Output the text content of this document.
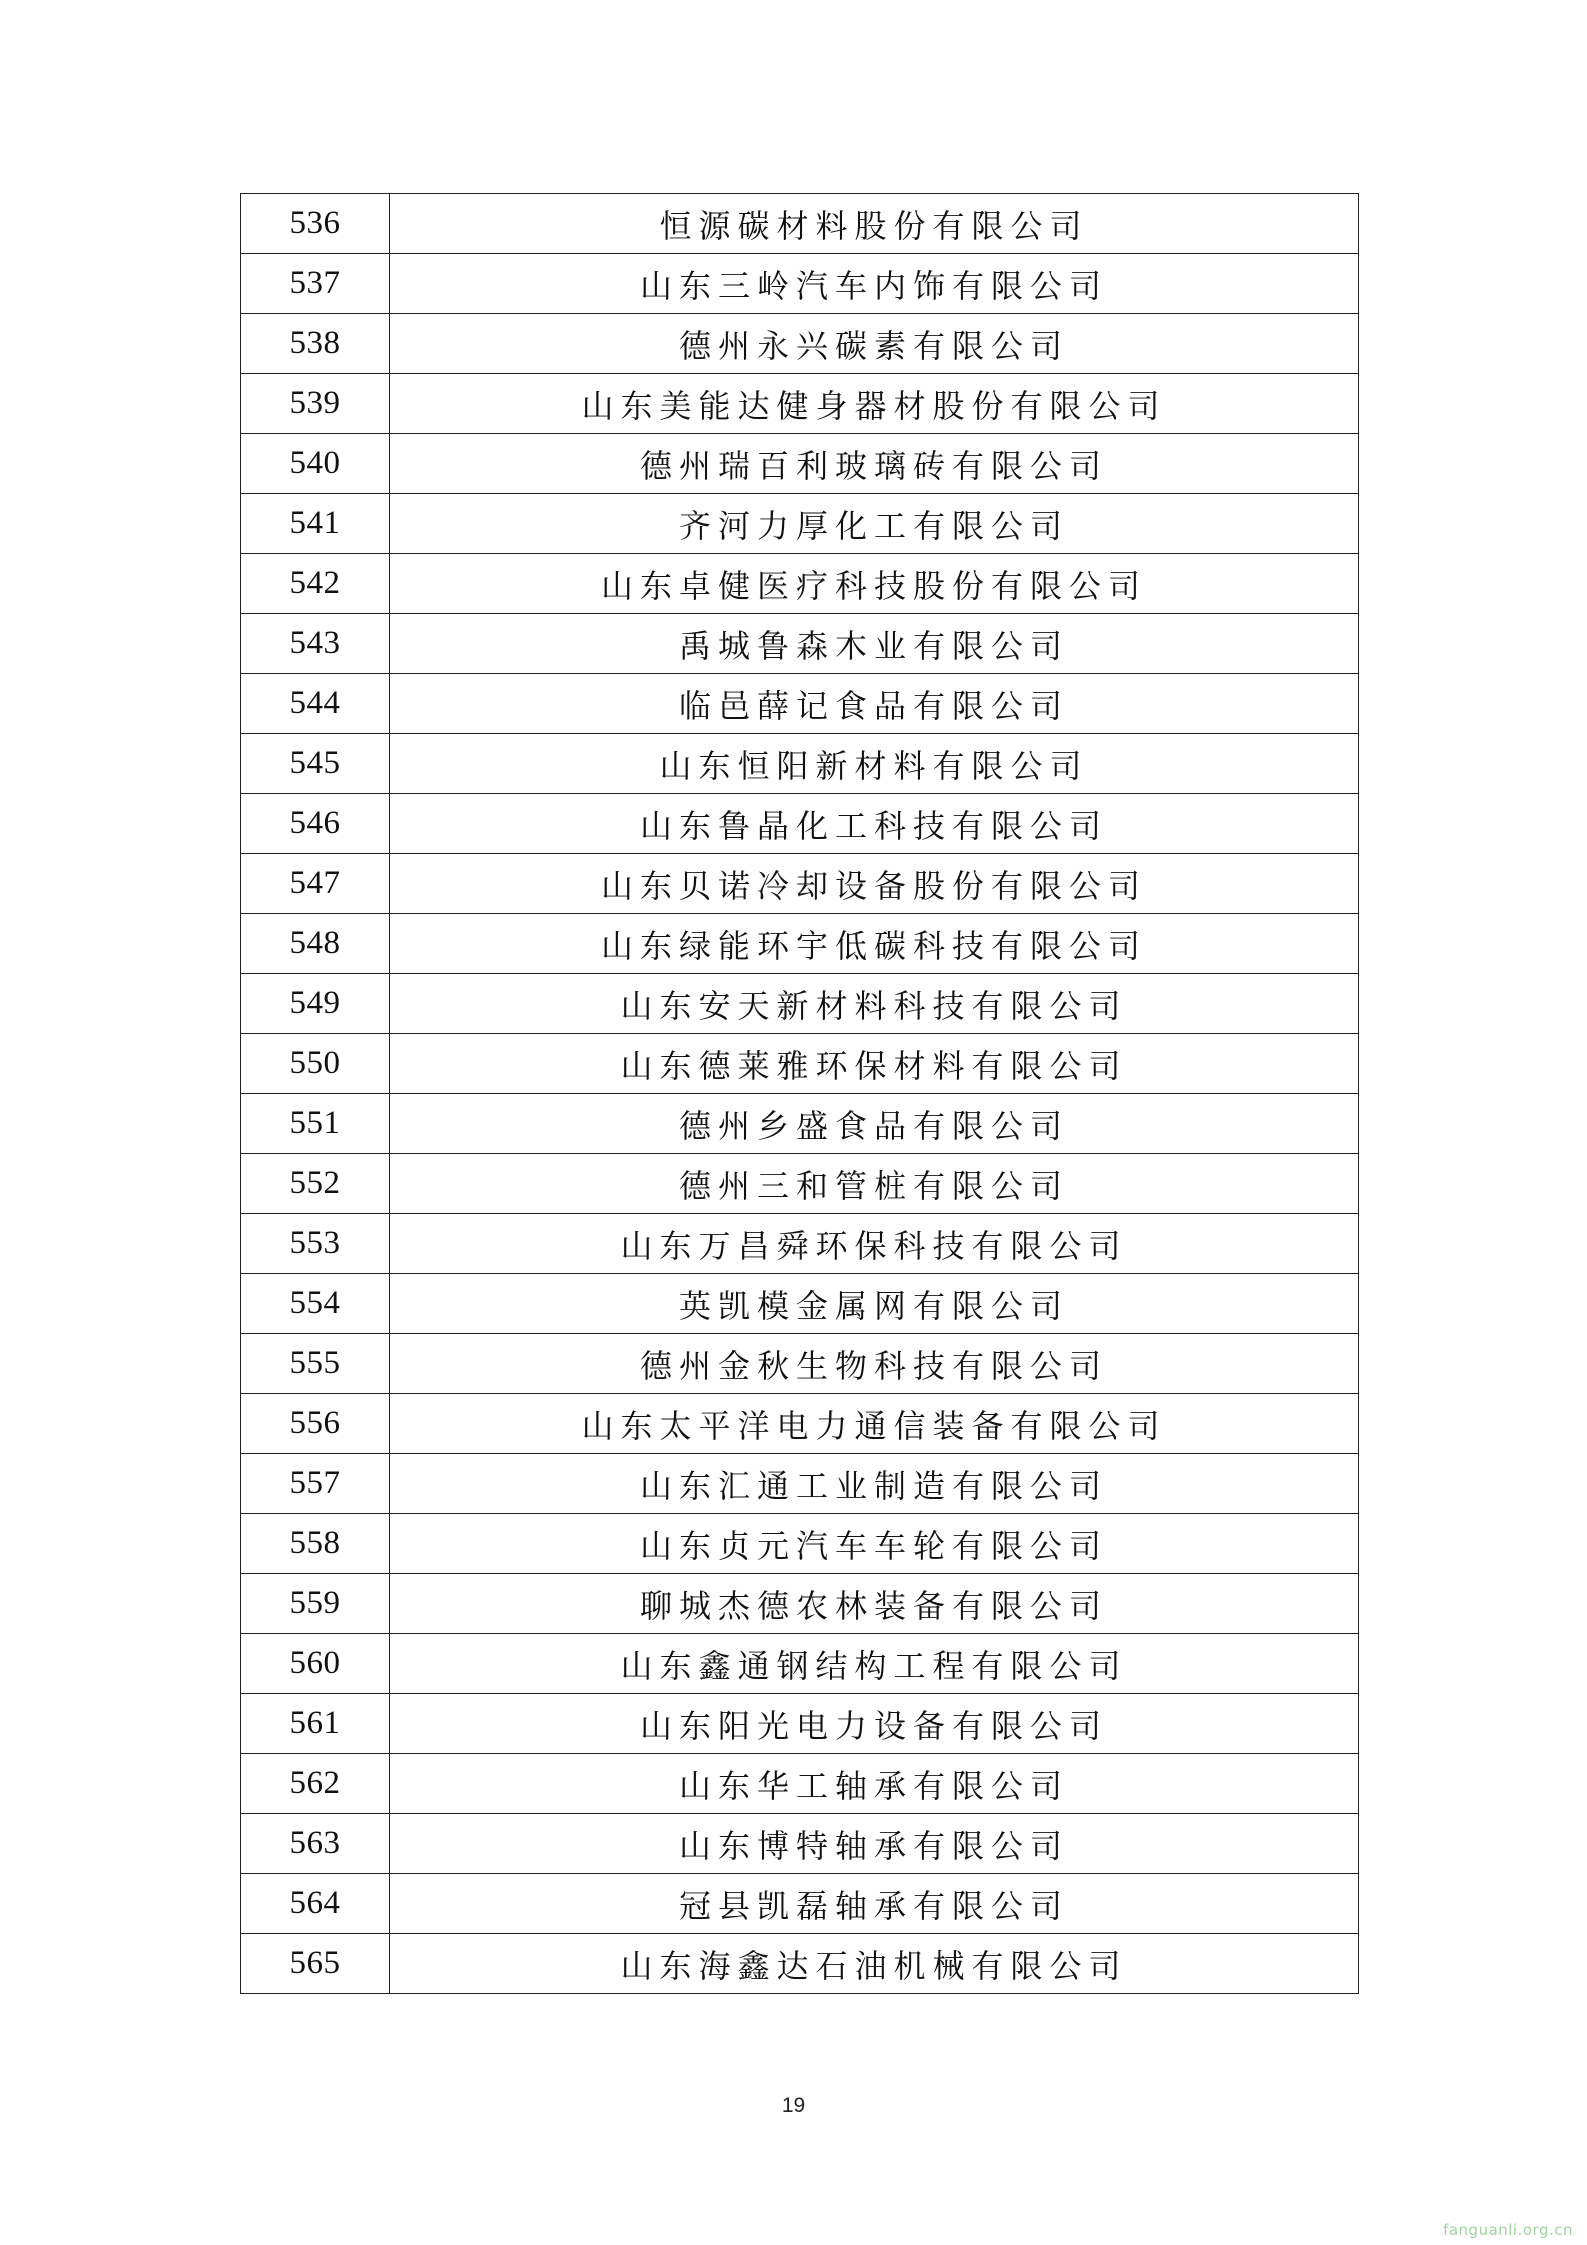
536	恒源碳材料股份有限公司
537	山东三岭汽车内饰有限公司
538	德州永兴碳素有限公司
539	山东美能达健身器材股份有限公司
540	德州瑞百利玻璃砖有限公司
541	齐河力厚化工有限公司
542	山东卓健医疗科技股份有限公司
543	禹城鲁森木业有限公司
544	临邑薛记食品有限公司
545	山东恒阳新材料有限公司
546	山东鲁晶化工科技有限公司
547	山东贝诺冷却设备股份有限公司
548	山东绿能环宇低碳科技有限公司
549	山东安天新材料科技有限公司
550	山东德莱雅环保材料有限公司
551	德州乡盛食品有限公司
552	德州三和管桩有限公司
553	山东万昌舜环保科技有限公司
554	英凯模金属网有限公司
555	德州金秋生物科技有限公司
556	山东太平洋电力通信装备有限公司
557	山东汇通工业制造有限公司
558	山东贞元汽车车轮有限公司
559	聊城杰德农林装备有限公司
560	山东鑫通钢结构工程有限公司
561	山东阳光电力设备有限公司
562	山东华工轴承有限公司
563	山东博特轴承有限公司
564	冠县凯磊轴承有限公司
565	山东海鑫达石油机械有限公司
19
fanguanli.org.cn
